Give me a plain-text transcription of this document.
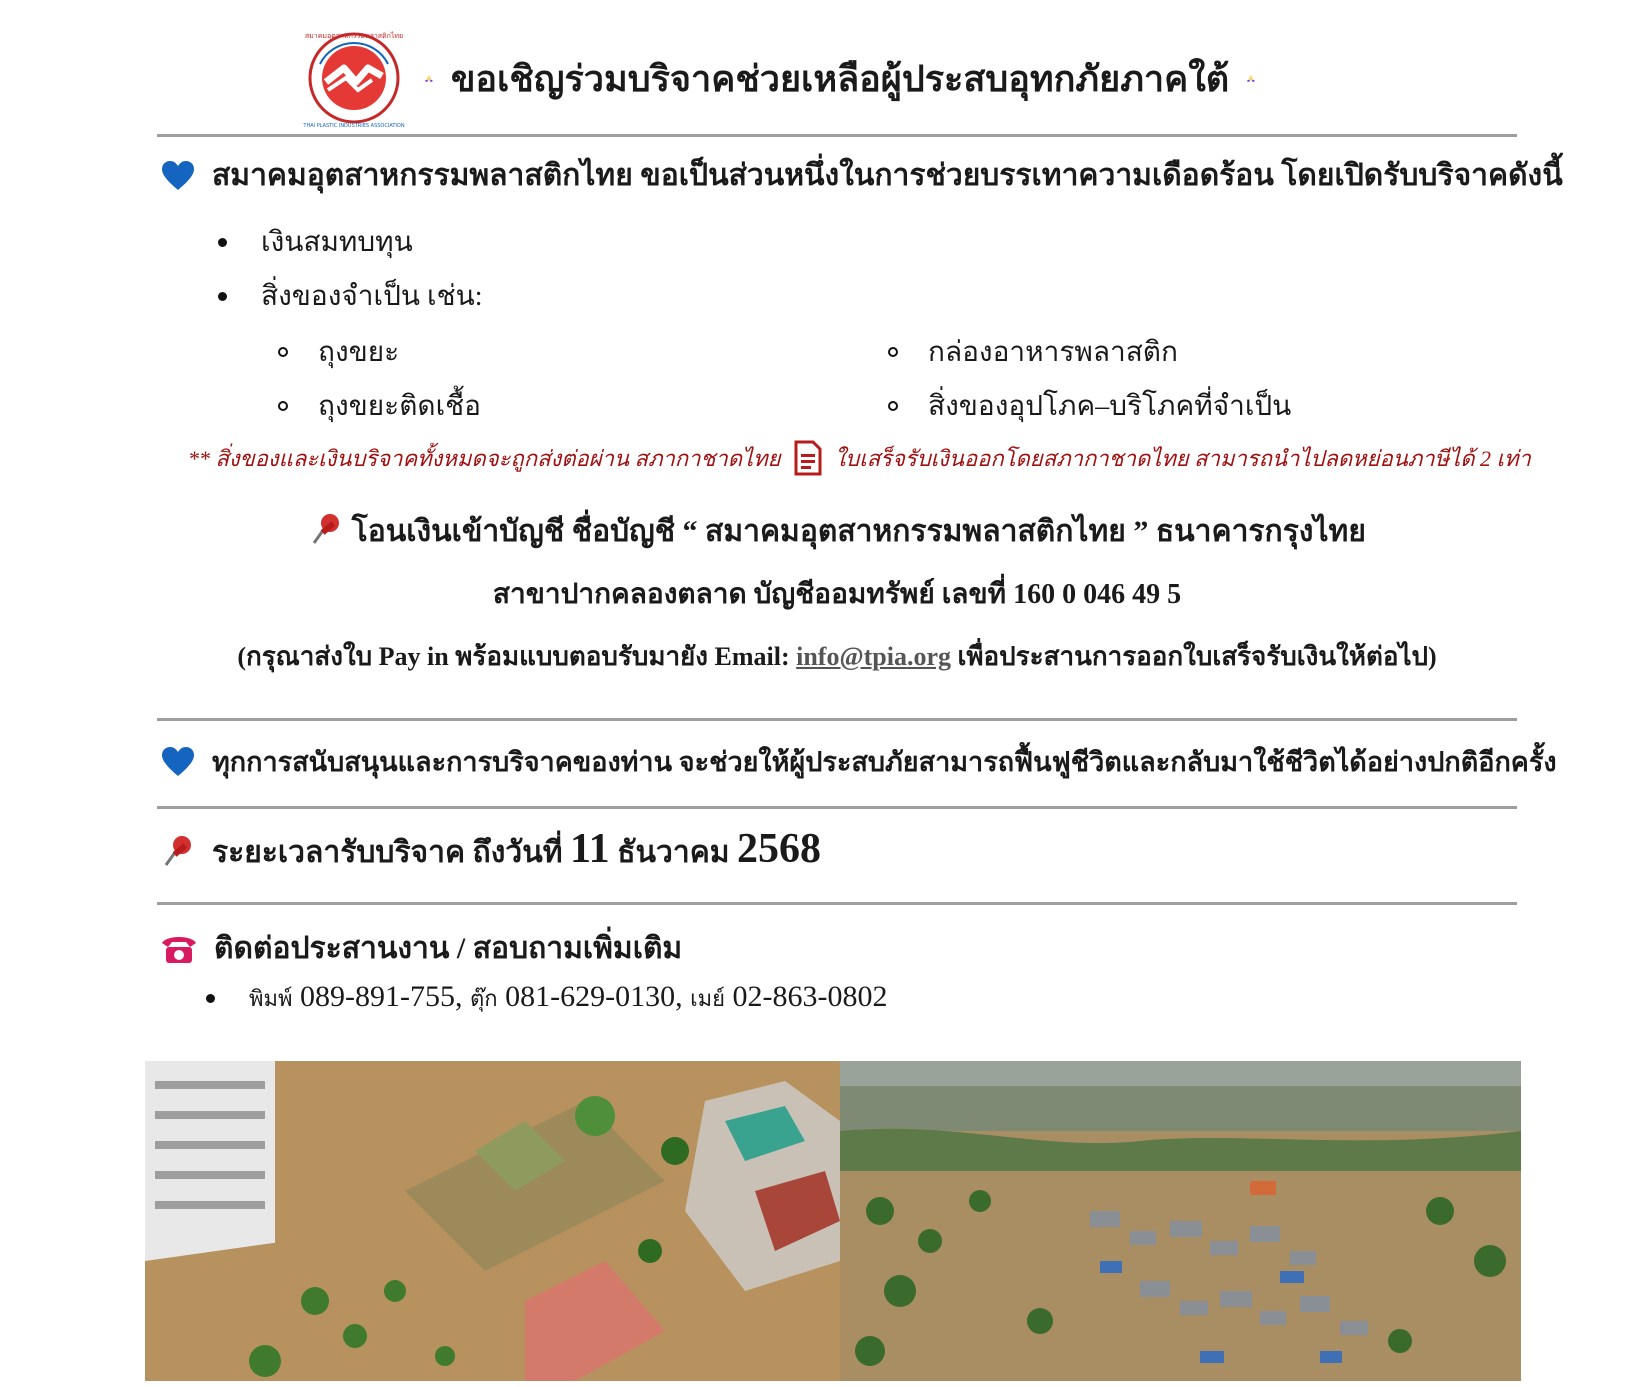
สมาคมอุตสาหกรรมพลาสติกไทย
THAI PLASTIC INDUSTRIES ASSOCIATION
ขอเชิญร่วมบริจาคช่วยเหลือผู้ประสบอุทกภัยภาคใต้
สมาคมอุตสาหกรรมพลาสติกไทย ขอเป็นส่วนหนึ่งในการช่วยบรรเทาความเดือดร้อน โดยเปิดรับบริจาคดังนี้
เงินสมทบทุน
สิ่งของจำเป็น เช่น:
ถุงขยะ
ถุงขยะติดเชื้อ
กล่องอาหารพลาสติก
สิ่งของอุปโภค–บริโภคที่จำเป็น
** สิ่งของและเงินบริจาคทั้งหมดจะถูกส่งต่อผ่าน สภากาชาดไทย ใบเสร็จรับเงินออกโดยสภากาชาดไทย สามารถนำไปลดหย่อนภาษีได้ 2 เท่า
โอนเงินเข้าบัญชี ชื่อบัญชี “ สมาคมอุตสาหกรรมพลาสติกไทย ” ธนาคารกรุงไทย
สาขาปากคลองตลาด บัญชีออมทรัพย์ เลขที่ 160 0 046 49 5
(กรุณาส่งใบ Pay in พร้อมแบบตอบรับมายัง Email: info@tpia.org เพื่อประสานการออกใบเสร็จรับเงินให้ต่อไป)
ทุกการสนับสนุนและการบริจาคของท่าน จะช่วยให้ผู้ประสบภัยสามารถฟื้นฟูชีวิตและกลับมาใช้ชีวิตได้อย่างปกติอีกครั้ง
ระยะเวลารับบริจาค ถึงวันที่ 11 ธันวาคม 2568
ติดต่อประสานงาน / สอบถามเพิ่มเติม
พิมพ์ 089-891-755, ตุ๊ก 081-629-0130, เมย์ 02-863-0802
